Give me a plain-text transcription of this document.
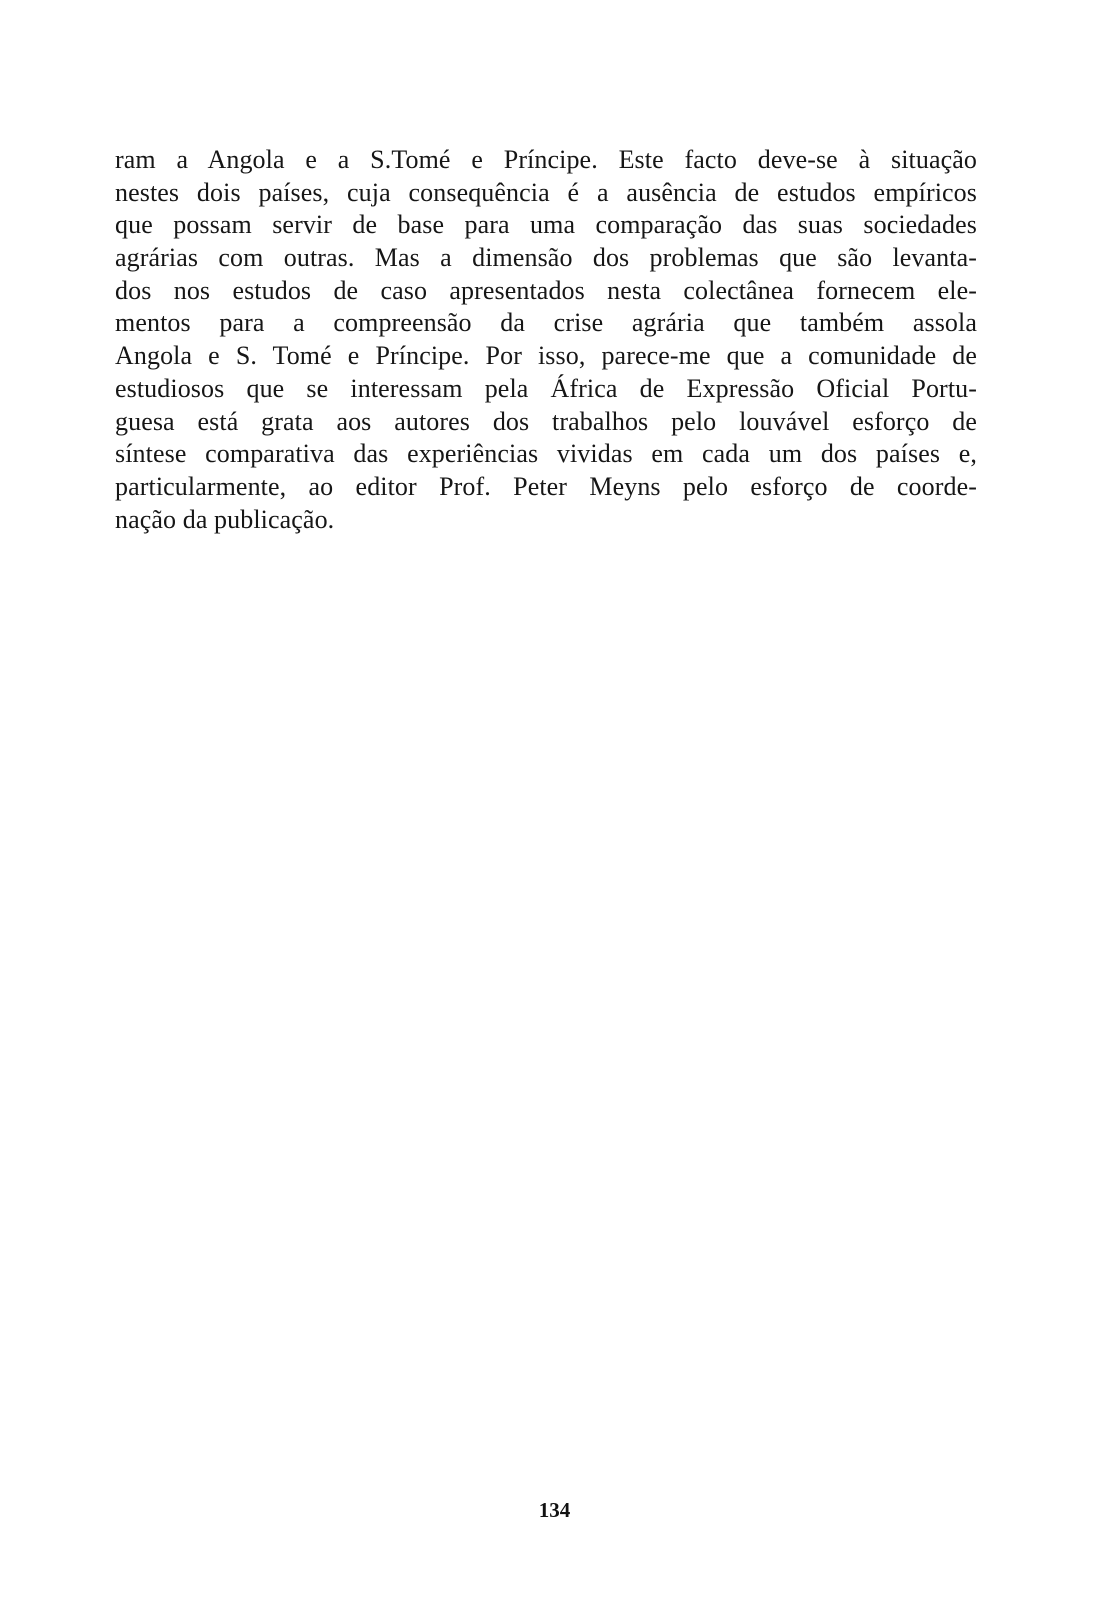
ram a Angola e a S.Tomé e Príncipe. Este facto deve-se à situação
nestes dois países, cuja consequência é a ausência de estudos empíricos
que possam servir de base para uma comparação das suas sociedades
agrárias com outras. Mas a dimensão dos problemas que são levanta-
dos nos estudos de caso apresentados nesta colectânea fornecem ele-
mentos para a compreensão da crise agrária que também assola
Angola e S. Tomé e Príncipe. Por isso, parece-me que a comunidade de
estudiosos que se interessam pela África de Expressão Oficial Portu-
guesa está grata aos autores dos trabalhos pelo louvável esforço de
síntese comparativa das experiências vividas em cada um dos países e,
particularmente, ao editor Prof. Peter Meyns pelo esforço de coorde-
nação da publicação.
134
